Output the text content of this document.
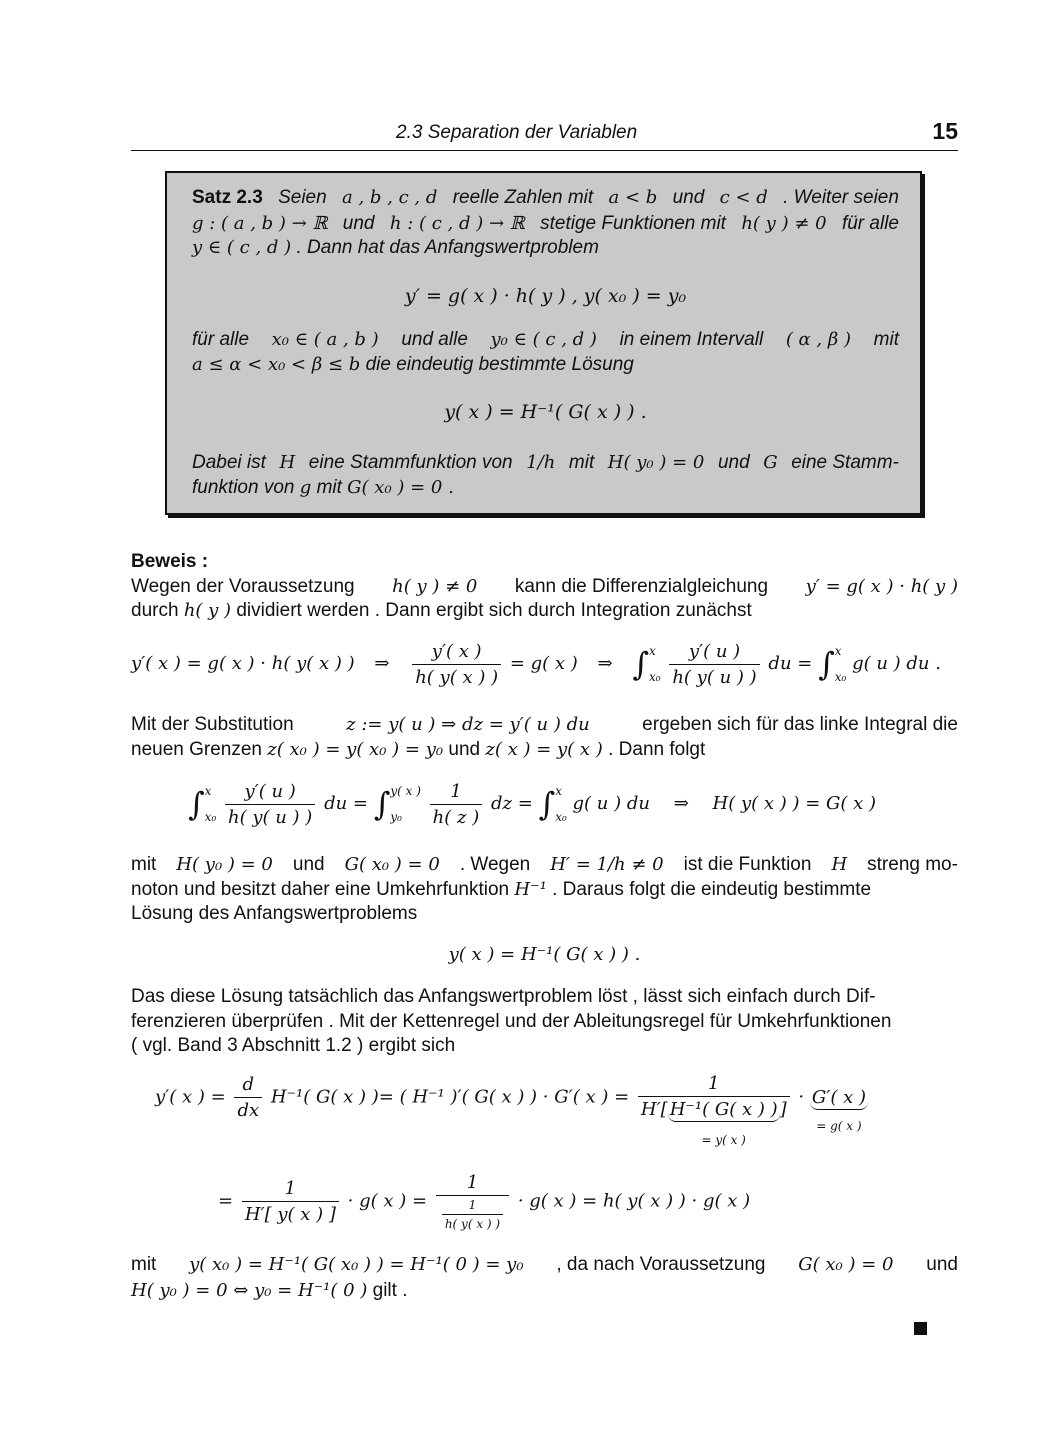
2.3 Separation der Variablen	15
Satz 2.3 Seien a , b , c , d reelle Zahlen mit a < b und c < d . Weiter seien
g : ( a , b ) → ℝ und h : ( c , d ) → ℝ stetige Funktionen mit h( y ) ≠ 0 für alle
y ∈ ( c , d ) . Dann hat das Anfangswertproblem
y′ = g( x ) · h( y ) , y( x₀ ) = y₀
für alle x₀ ∈ ( a , b ) und alle y₀ ∈ ( c , d ) in einem Intervall ( α , β ) mit
a ≤ α < x₀ < β ≤ b die eindeutig bestimmte Lösung
y( x ) = H⁻¹( G( x ) ) .
Dabei ist H eine Stammfunktion von 1/h mit H( y₀ ) = 0 und G eine Stamm-
funktion von g mit G( x₀ ) = 0 .
Beweis :
Wegen der Voraussetzung h( y ) ≠ 0 kann die Differenzialgleichung y′ = g( x ) · h( y )
durch h( y ) dividiert werden . Dann ergibt sich durch Integration zunächst
y′( x ) = g( x ) · h( y( x ) ) ⇒ $\frac{y'( x )}{h( y( x ) )} = g$( x ) ⇒ ∫ x
x₀
$\frac{y'( u )}{h( y( u ) )}$ du = ∫ x
x₀
g( u ) du .
Mit der Substitution	z := y( u ) ⇒ dz = y′( u ) du	ergeben sich für das linke Integral die
neuen Grenzen z( x₀ ) = y( x₀ ) = y₀ und z( x ) = y( x ) . Dann folgt
∫ x
x₀
$\frac{y'( u )}{h( y( u ) )}$ du = ∫ y( x )
y₀
	$\frac{1}{h( z )}$ dz = ∫ x
x₀
g( u ) du ⇒ H( y( x ) ) = G( x )
mit H( y₀ ) = 0 und G( x₀ ) = 0 . Wegen H′ = 1/h ≠ 0 ist die Funktion H streng mo-
noton und besitzt daher eine Umkehrfunktion H⁻¹ . Daraus folgt die eindeutig bestimmte
Lösung des Anfangswertproblems
y( x ) = H⁻¹( G( x ) ) .
Das diese Lösung tatsächlich das Anfangswertproblem löst , lässt sich einfach durch Dif-
ferenzieren überprüfen . Mit der Kettenregel und der Ableitungsregel für Umkehrfunktionen
( vgl. Band 3 Abschnitt 1.2 ) ergibt sich
y′( x ) = $\frac{d}{dx} H^{-1}$( G( x ) )= ( H⁻¹ )′( G( x ) ) · G′( x ) = 1
H′[ H⁻¹( G( x ) )
= y( x )
] · G′( x )
= g( x )
= $\frac{1}{H'[ y( x ) ]} \cdot g$( x ) = $\frac{1}{\frac{1}{h( y( x ) )}} \cdot g$( x ) = h( y( x ) ) · g( x )
mit y( x₀ ) = H⁻¹( G( x₀ ) ) = H⁻¹( 0 ) = y₀ , da nach Voraussetzung G( x₀ ) = 0 und
H( y₀ ) = 0 ⇔ y₀ = H⁻¹( 0 ) gilt .
